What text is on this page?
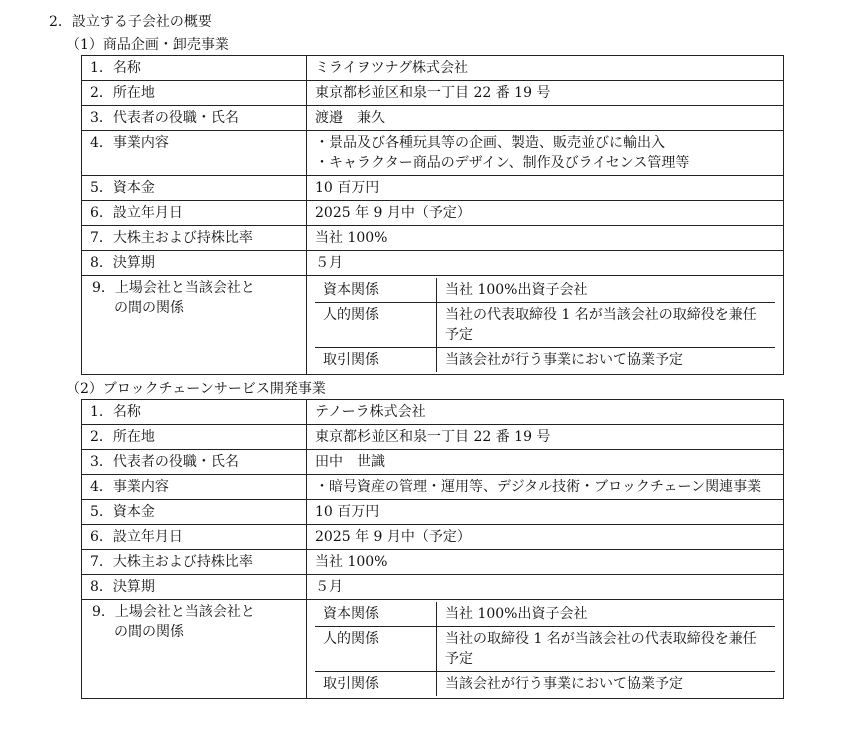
2．設立する子会社の概要
（1）商品企画・卸売事業
1．名称	ミライヲツナグ株式会社
2．所在地	東京都杉並区和泉一丁目 22 番 19 号
3．代表者の役職・氏名	渡邉　兼久
4．事業内容	・景品及び各種玩具等の企画、製造、販売並びに輸出入
・キャラクター商品のデザイン、制作及びライセンス管理等

5．資本金	10 百万円
6．設立年月日	2025 年 9 月中（予定）
7．大株主および持株比率	当社 100%
8．決算期	５月
9．上場会社と当該会社と
の間の関係

資本関係	当社 100%出資子会社
人的関係	当社の代表取締役 1 名が当該会社の取締役を兼任予定
取引関係	当該会社が行う事業において協業予定
（2）ブロックチェーンサービス開発事業
1．名称	テノーラ株式会社
2．所在地	東京都杉並区和泉一丁目 22 番 19 号
3．代表者の役職・氏名	田中　世識
4．事業内容	・暗号資産の管理・運用等、デジタル技術・ブロックチェーン関連事業

5．資本金	10 百万円
6．設立年月日	2025 年 9 月中（予定）
7．大株主および持株比率	当社 100%
8．決算期	５月
9．上場会社と当該会社と
の間の関係

資本関係	当社 100%出資子会社
人的関係	当社の取締役 1 名が当該会社の代表取締役を兼任予定
取引関係	当該会社が行う事業において協業予定
